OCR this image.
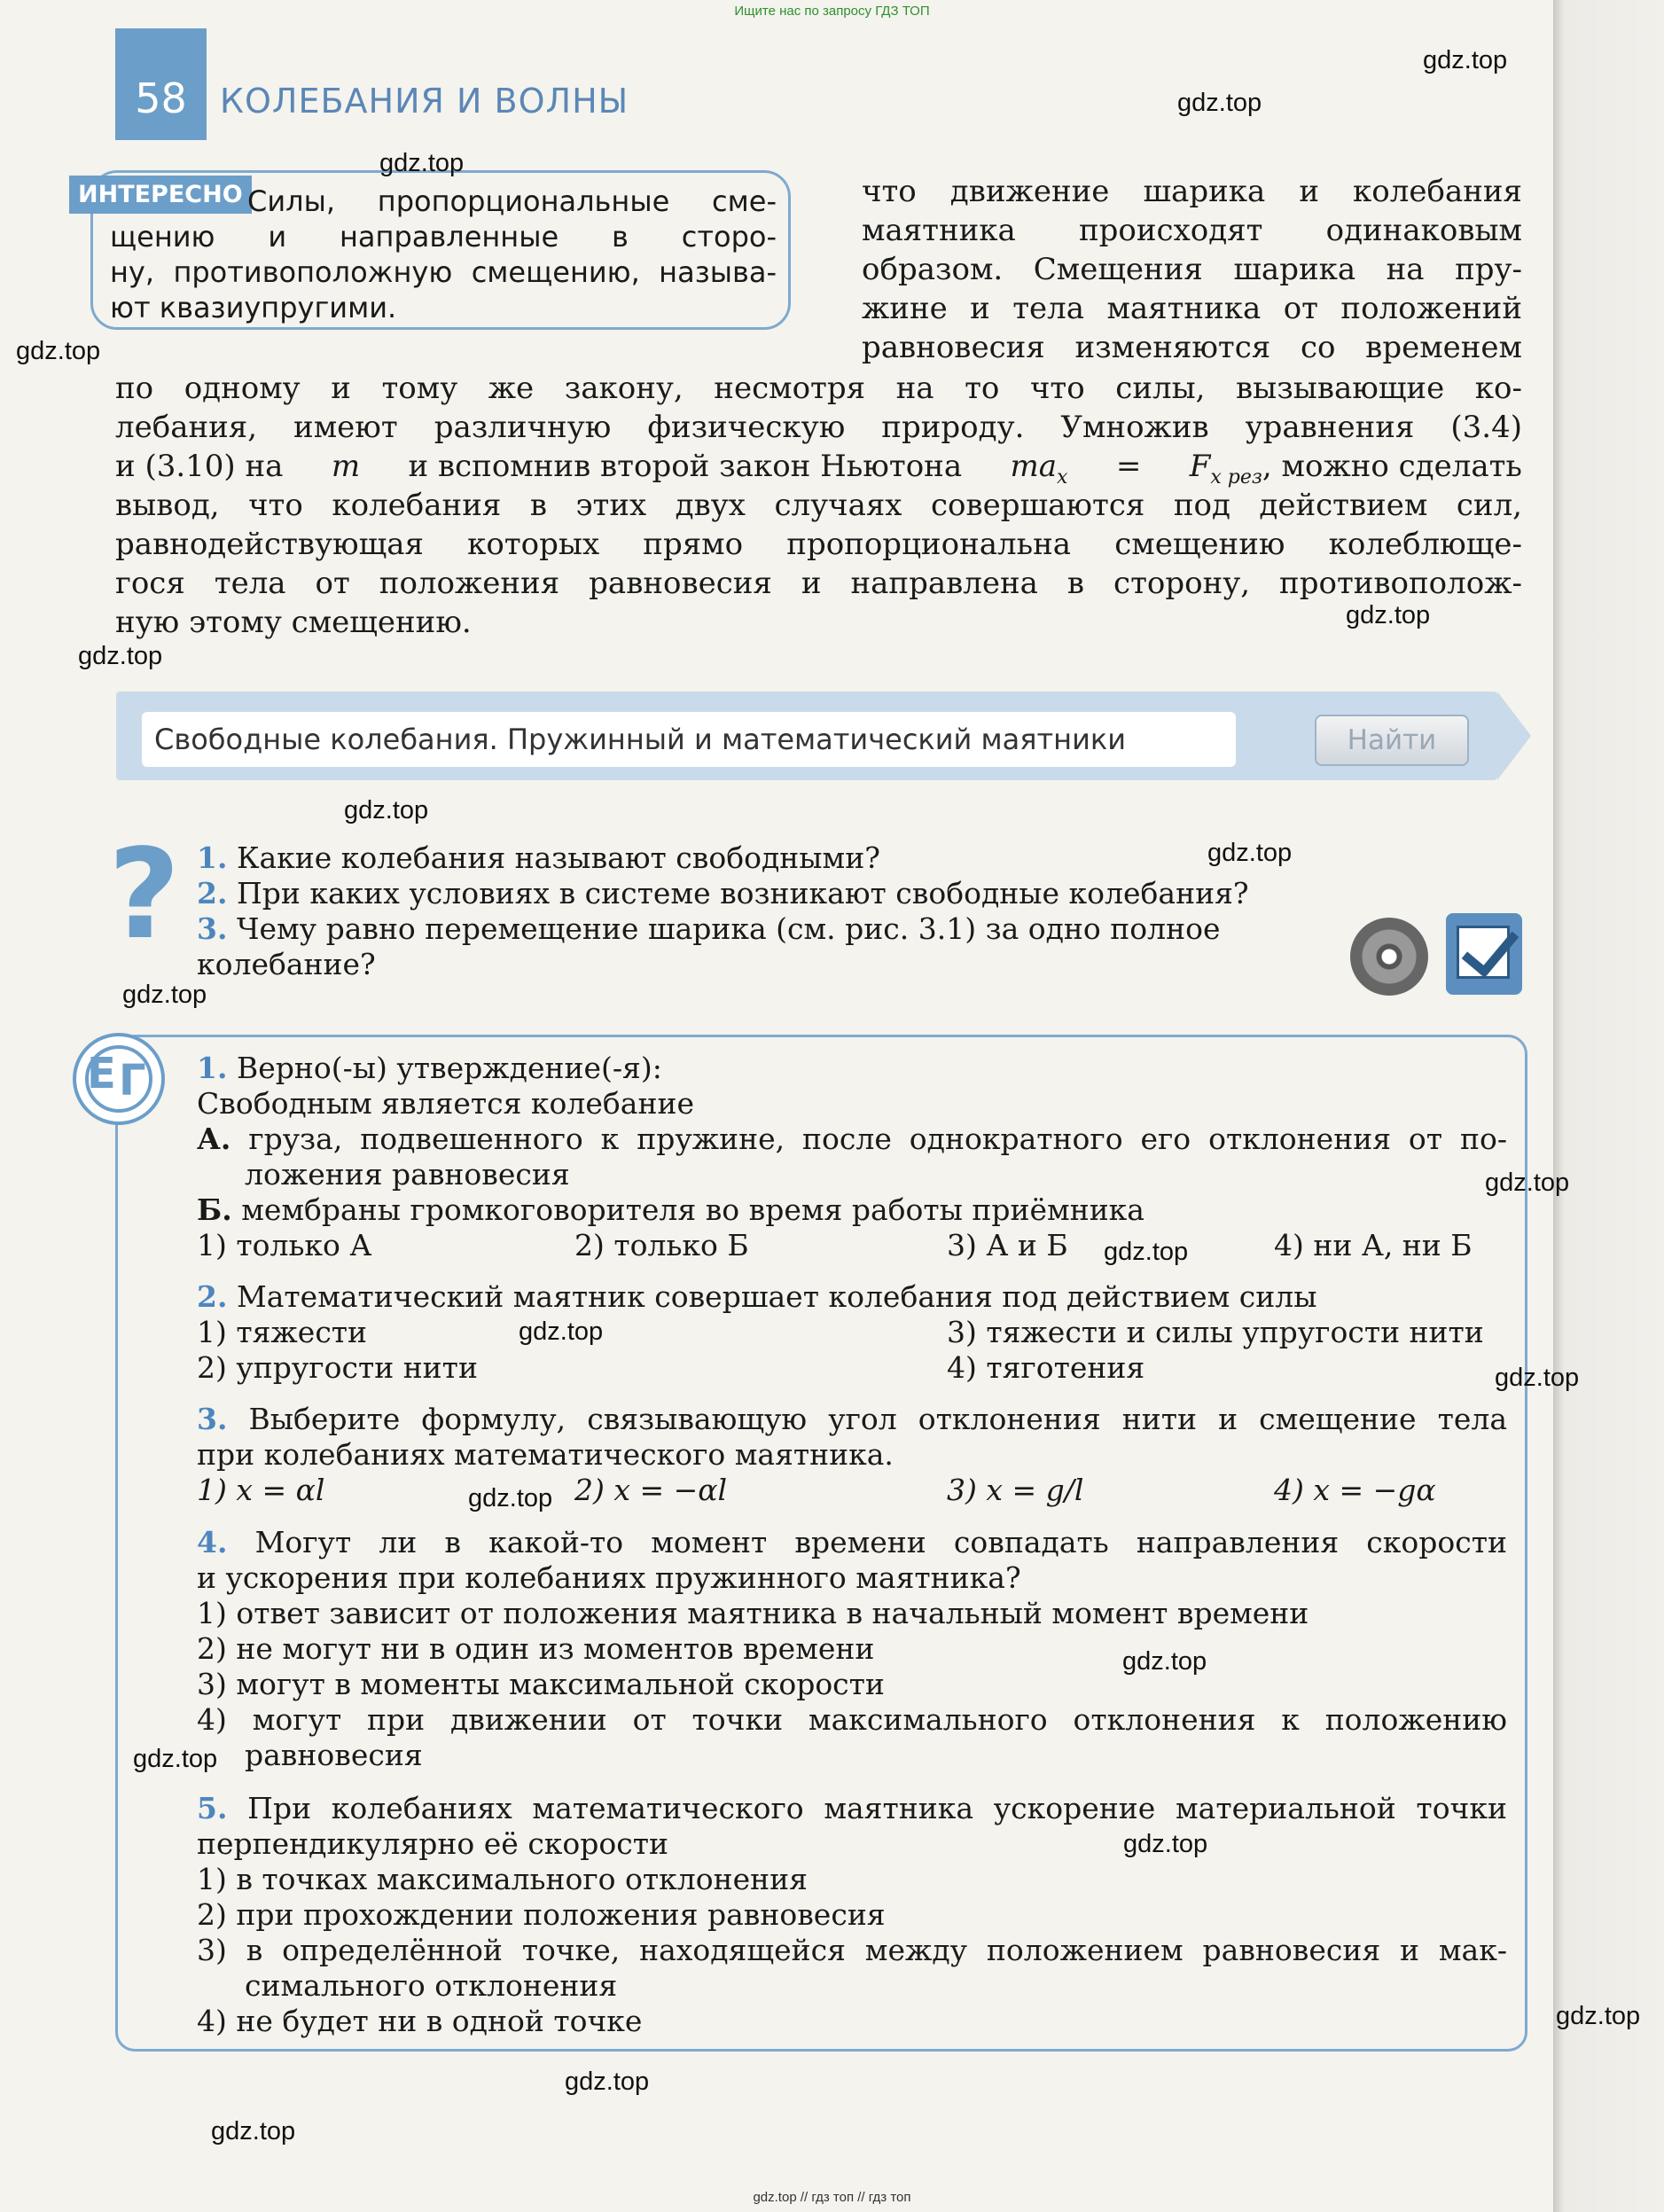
Ищите нас по запросу ГДЗ ТОП
58 КОЛЕБАНИЯ И ВОЛНЫ
ИНТЕРЕСНО Силы, пропорциональные сме-
щению и направленные в сторо-
ну, противоположную смещению, называ-
ют квазиупругими.
что движение шарика и колебания
маятника происходят одинаковым
образом. Смещения шарика на пру-
жине и тела маятника от положений
равновесия изменяются со временем
по одному и тому же закону, несмотря на то что силы, вызывающие ко-
лебания, имеют различную физическую природу. Умножив уравнения (3.4)
и (3.10) на m и вспомнив второй закон Ньютона $ma_x = F_{x рез}$, можно сделать
вывод, что колебания в этих двух случаях совершаются под действием сил,
равнодействующая которых прямо пропорциональна смещению колеблюще-
гося тела от положения равновесия и направлена в сторону, противополож-
ную этому смещению.
Свободные колебания. Пружинный и математический маятники	Найти
? 1. Какие колебания называют свободными?
2. При каких условиях в системе возникают свободные колебания?
3. Чему равно перемещение шарика (см. рис. 3.1) за одно полное
колебание?
Е Г 1. Верно(-ы) утверждение(-я):
Свободным является колебание
А. груза, подвешенного к пружине, после однократного его отклонения от по-
ложения равновесия
Б. мембраны громкоговорителя во время работы приёмника
1) только А	2) только Б	3) А и Б	4) ни А, ни Б
2. Математический маятник совершает колебания под действием силы
1) тяжести	3) тяжести и силы упругости нити
2) упругости нити	4) тяготения
3. Выберите формулу, связывающую угол отклонения нити и смещение тела
при колебаниях математического маятника.
1) x = αl	2) x = −αl	3) x = g/l	4) x = −gα
4. Могут ли в какой-то момент времени совпадать направления скорости
и ускорения при колебаниях пружинного маятника?
1) ответ зависит от положения маятника в начальный момент времени
2) не могут ни в один из моментов времени
3) могут в моменты максимальной скорости
4) могут при движении от точки максимального отклонения к положению
равновесия
5. При колебаниях математического маятника ускорение материальной точки
перпендикулярно её скорости
1) в точках максимального отклонения
2) при прохождении положения равновесия
3) в определённой точке, находящейся между положением равновесия и мак-
симального отклонения
4) не будет ни в одной точке
gdz.top
gdz.top
gdz.top
gdz.top
gdz.top
gdz.top
gdz.top
gdz.top
gdz.top
gdz.top
gdz.top
gdz.top
gdz.top
gdz.top
gdz.top
gdz.top
gdz.top
gdz.top
gdz.top
gdz.top
gdz.top // гдз топ // гдз топ
